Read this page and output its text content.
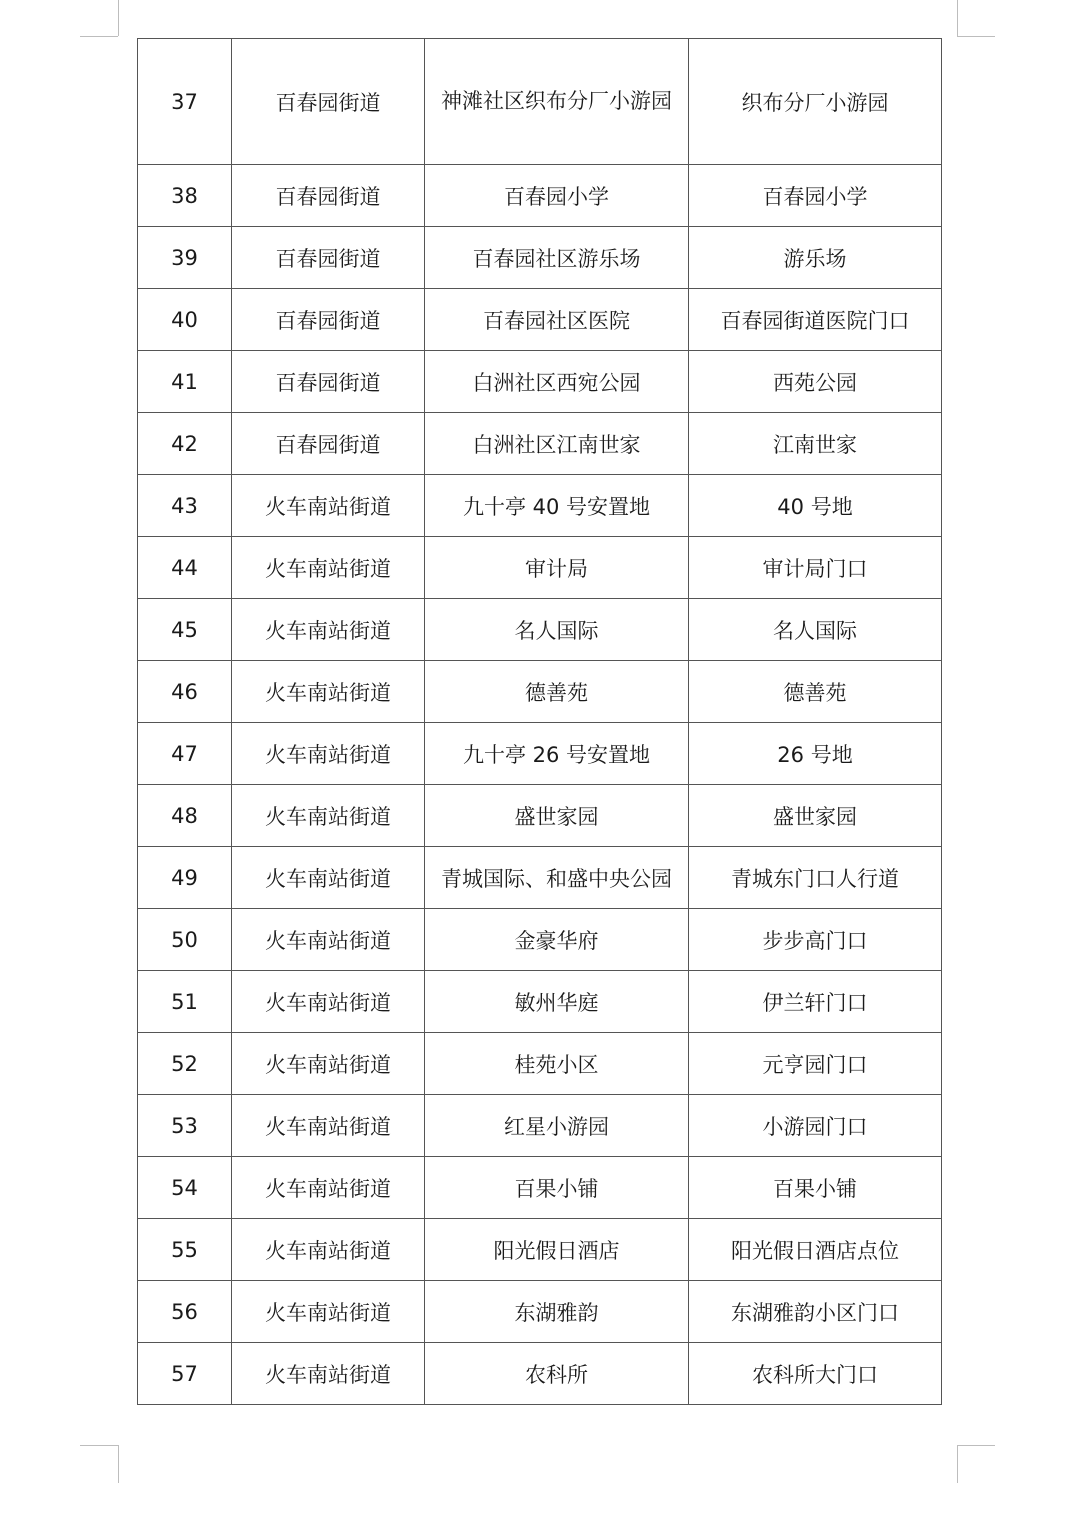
37	百春园街道	神滩社区织布分厂小游园	织布分厂小游园
38	百春园街道	百春园小学	百春园小学
39	百春园街道	百春园社区游乐场	游乐场
40	百春园街道	百春园社区医院	百春园街道医院门口
41	百春园街道	白洲社区西宛公园	西苑公园
42	百春园街道	白洲社区江南世家	江南世家
43	火车南站街道	九十亭 40 号安置地	40 号地
44	火车南站街道	审计局	审计局门口
45	火车南站街道	名人国际	名人国际
46	火车南站街道	德善苑	德善苑
47	火车南站街道	九十亭 26 号安置地	26 号地
48	火车南站街道	盛世家园	盛世家园
49	火车南站街道	青城国际、和盛中央公园	青城东门口人行道
50	火车南站街道	金豪华府	步步高门口
51	火车南站街道	敏州华庭	伊兰轩门口
52	火车南站街道	桂苑小区	元亨园门口
53	火车南站街道	红星小游园	小游园门口
54	火车南站街道	百果小铺	百果小铺
55	火车南站街道	阳光假日酒店	阳光假日酒店点位
56	火车南站街道	东湖雅韵	东湖雅韵小区门口
57	火车南站街道	农科所	农科所大门口
